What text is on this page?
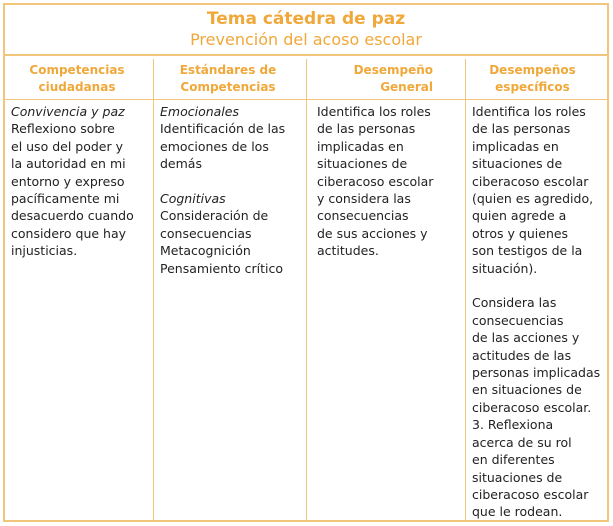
Tema cátedra de paz
Prevención del acoso escolar
Competencias
ciudadanas
Convivencia y paz
Reflexiono sobre
el uso del poder y
la autoridad en mi
entorno y expreso
pacíficamente mi
desacuerdo cuando
considero que hay
injusticias.
Estándares de
Competencias
Emocionales
Identificación de las
emociones de los
demás
Cognitivas
Consideración de
consecuencias
Metacognición
Pensamiento crítico
Desempeño
General
Identifica los roles
de las personas
implicadas en
situaciones de
ciberacoso escolar
y considera las
consecuencias
de sus acciones y
actitudes.
Desempeños
específicos
Identifica los roles
de las personas
implicadas en
situaciones de
ciberacoso escolar
(quien es agredido,
quien agrede a
otros y quienes
son testigos de la
situación).
Considera las
consecuencias
de las acciones y
actitudes de las
personas implicadas
en situaciones de
ciberacoso escolar.
3. Reflexiona
acerca de su rol
en diferentes
situaciones de
ciberacoso escolar
que le rodean.
